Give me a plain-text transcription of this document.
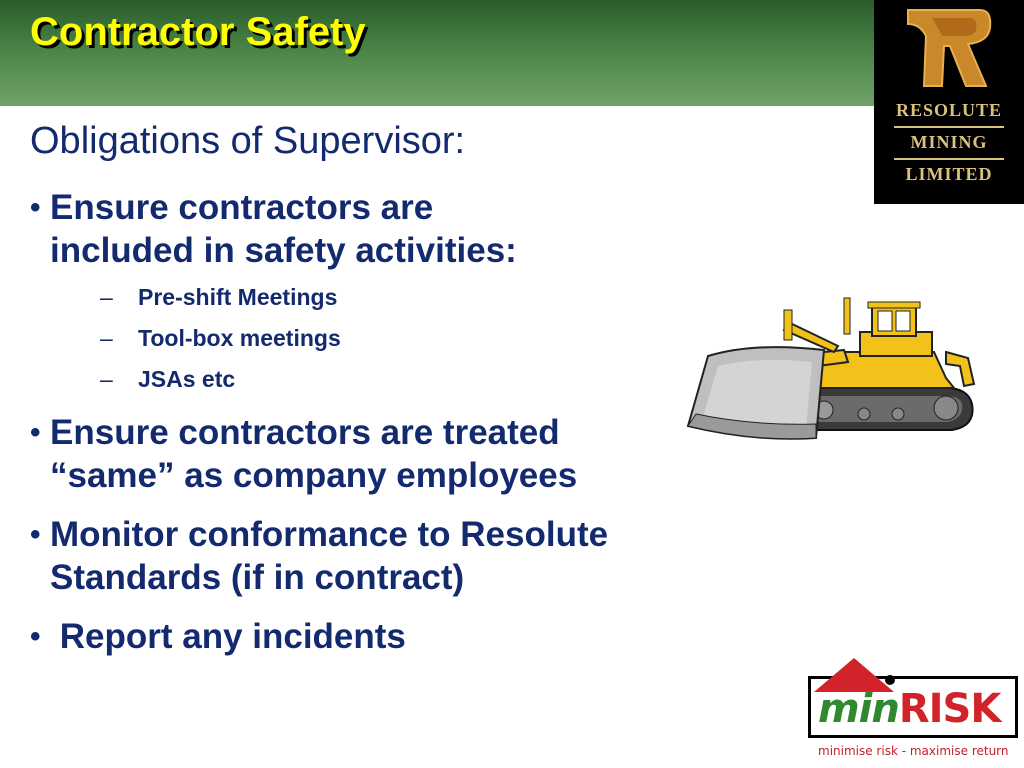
Contractor Safety
RESOLUTE
MINING
LIMITED
Obligations of Supervisor:
• Ensure contractors are
included in safety activities:
–	Pre-shift Meetings
–	Tool-box meetings
–	JSAs etc
• Ensure contractors are treated
“same” as company employees
• Monitor conformance to Resolute
Standards (if in contract)
• Report any incidents
minRISK

minimise risk - maximise return
